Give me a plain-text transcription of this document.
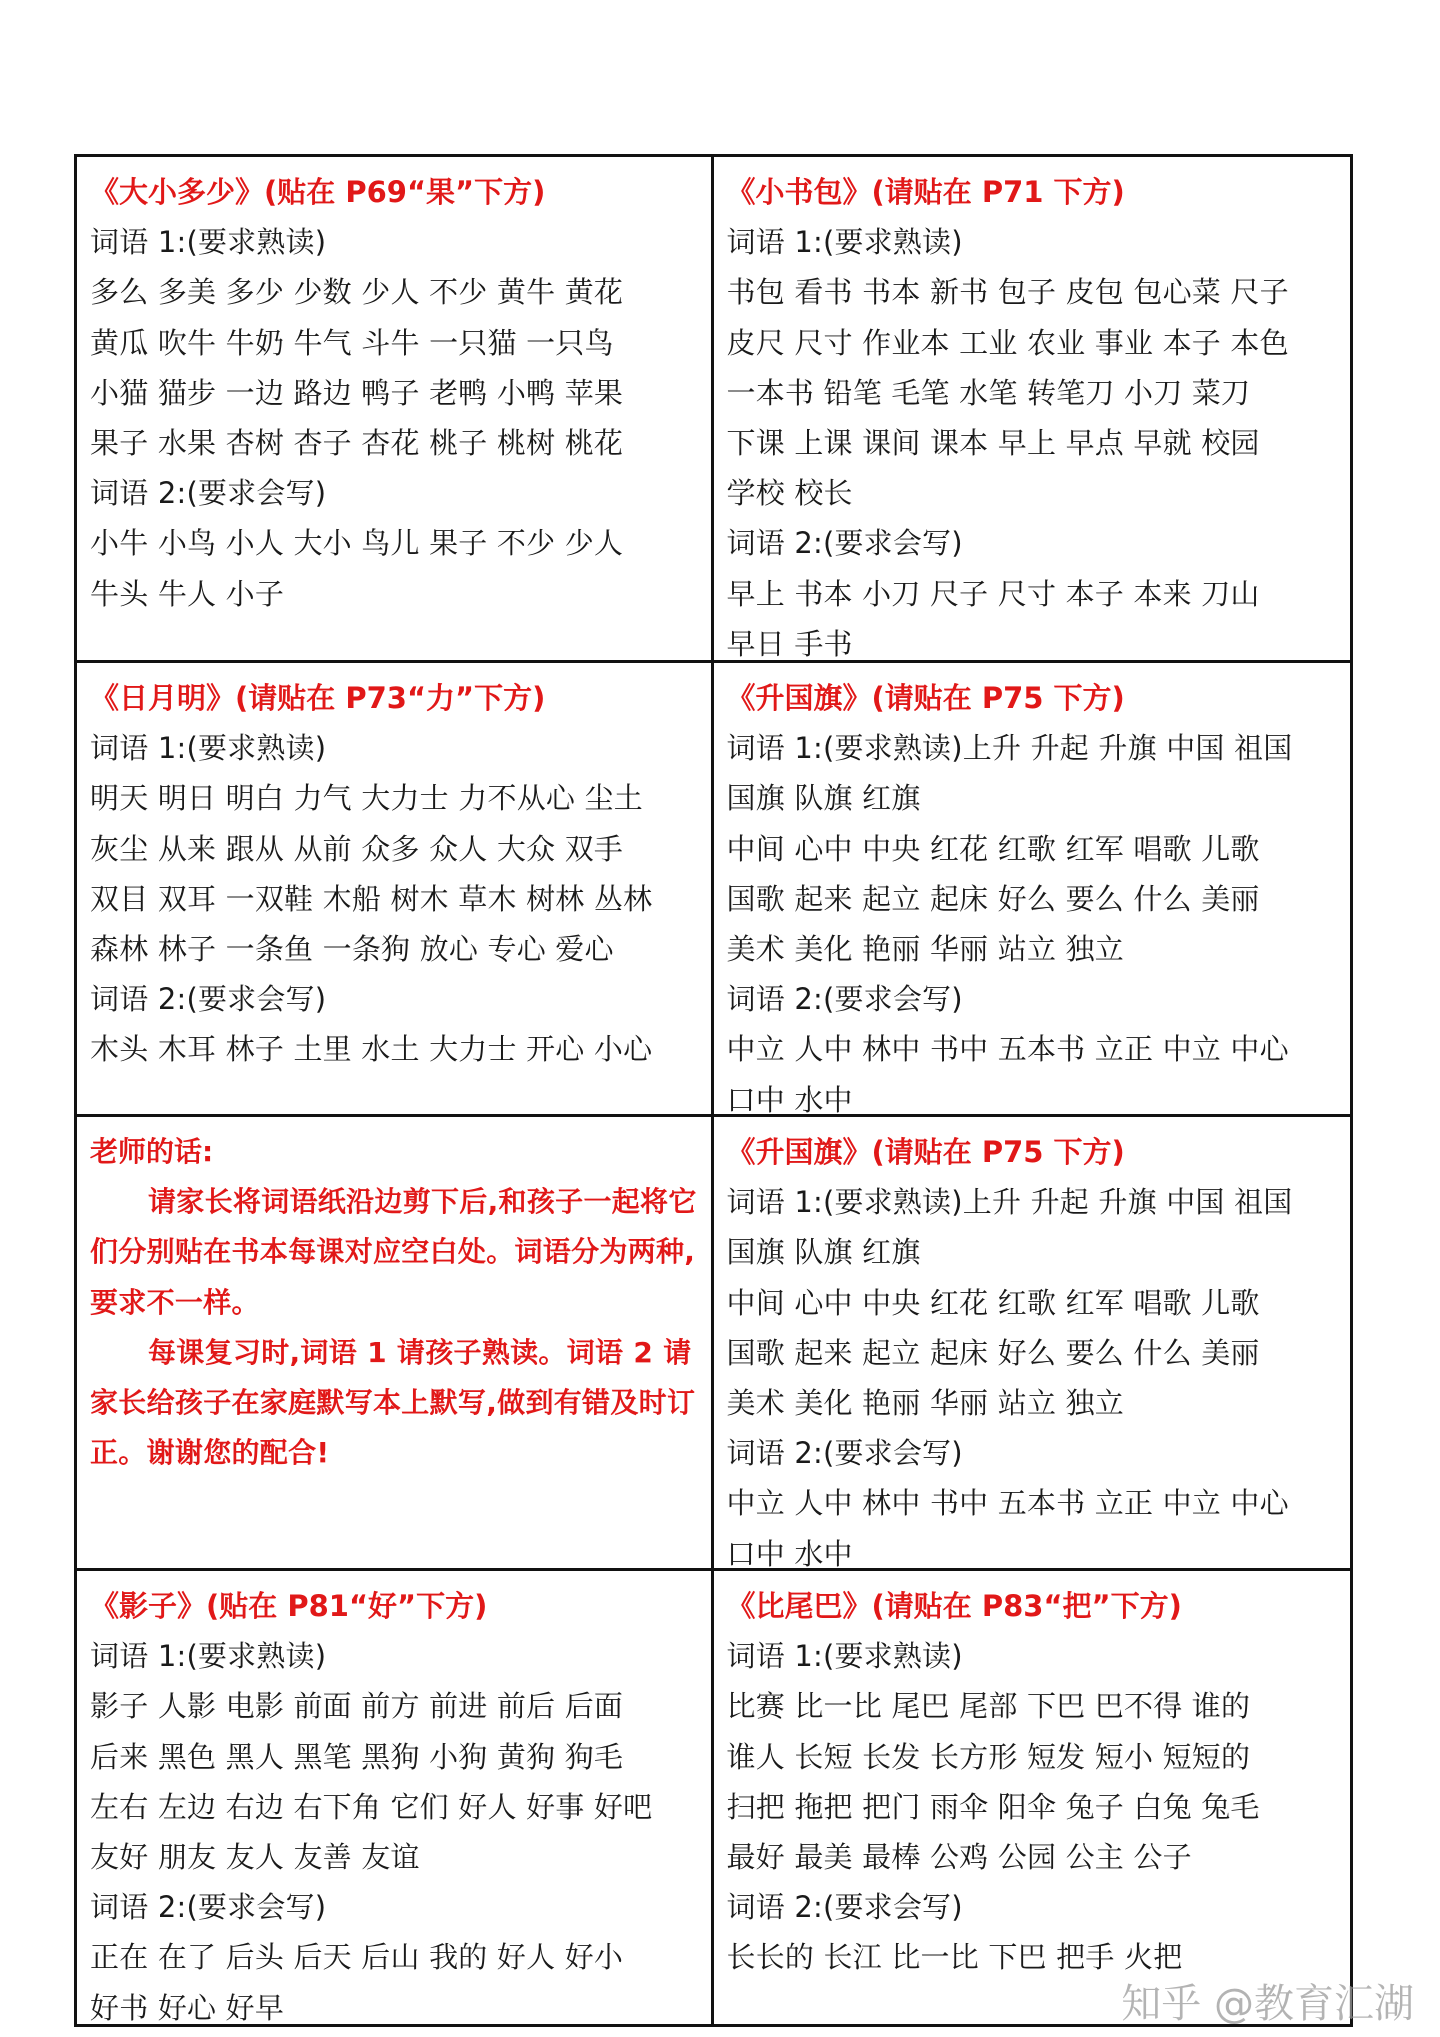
《大小多少》(贴在 P69“果”下方)
词语 1:(要求熟读)
多么 多美 多少 少数 少人 不少 黄牛 黄花
黄瓜 吹牛 牛奶 牛气 斗牛 一只猫 一只鸟
小猫 猫步 一边 路边 鸭子 老鸭 小鸭 苹果
果子 水果 杏树 杏子 杏花 桃子 桃树 桃花
词语 2:(要求会写)
小牛 小鸟 小人 大小 鸟儿 果子 不少 少人
牛头 牛人 小子
《小书包》(请贴在 P71 下方)
词语 1:(要求熟读)
书包 看书 书本 新书 包子 皮包 包心菜 尺子
皮尺 尺寸 作业本 工业 农业 事业 本子 本色
一本书 铅笔 毛笔 水笔 转笔刀 小刀 菜刀
下课 上课 课间 课本 早上 早点 早就 校园
学校 校长
词语 2:(要求会写)
早上 书本 小刀 尺子 尺寸 本子 本来 刀山
早日 手书
《日月明》(请贴在 P73“力”下方)
词语 1:(要求熟读)
明天 明日 明白 力气 大力士 力不从心 尘土
灰尘 从来 跟从 从前 众多 众人 大众 双手
双目 双耳 一双鞋 木船 树木 草木 树林 丛林
森林 林子 一条鱼 一条狗 放心 专心 爱心
词语 2:(要求会写)
木头 木耳 林子 土里 水土 大力士 开心 小心
《升国旗》(请贴在 P75 下方)
词语 1:(要求熟读)上升 升起 升旗 中国 祖国
国旗 队旗 红旗
中间 心中 中央 红花 红歌 红军 唱歌 儿歌
国歌 起来 起立 起床 好么 要么 什么 美丽
美术 美化 艳丽 华丽 站立 独立
词语 2:(要求会写)
中立 人中 林中 书中 五本书 立正 中立 中心
口中 水中

老师的话:

请家长将词语纸沿边剪下后,和孩子一起将它们分别贴在书本每课对应空白处。词语分为两种,要求不一样。

每课复习时,词语 1 请孩子熟读。词语 2 请家长给孩子在家庭默写本上默写,做到有错及时订正。谢谢您的配合!

《升国旗》(请贴在 P75 下方)
词语 1:(要求熟读)上升 升起 升旗 中国 祖国
国旗 队旗 红旗
中间 心中 中央 红花 红歌 红军 唱歌 儿歌
国歌 起来 起立 起床 好么 要么 什么 美丽
美术 美化 艳丽 华丽 站立 独立
词语 2:(要求会写)
中立 人中 林中 书中 五本书 立正 中立 中心
口中 水中
《影子》(贴在 P81“好”下方)
词语 1:(要求熟读)
影子 人影 电影 前面 前方 前进 前后 后面
后来 黑色 黑人 黑笔 黑狗 小狗 黄狗 狗毛
左右 左边 右边 右下角 它们 好人 好事 好吧
友好 朋友 友人 友善 友谊
词语 2:(要求会写)
正在 在了 后头 后天 后山 我的 好人 好小
好书 好心 好早
《比尾巴》(请贴在 P83“把”下方)
词语 1:(要求熟读)
比赛 比一比 尾巴 尾部 下巴 巴不得 谁的
谁人 长短 长发 长方形 短发 短小 短短的
扫把 拖把 把门 雨伞 阳伞 兔子 白兔 兔毛
最好 最美 最棒 公鸡 公园 公主 公子
词语 2:(要求会写)
长长的 长江 比一比 下巴 把手 火把
知乎 @教育汇湖
